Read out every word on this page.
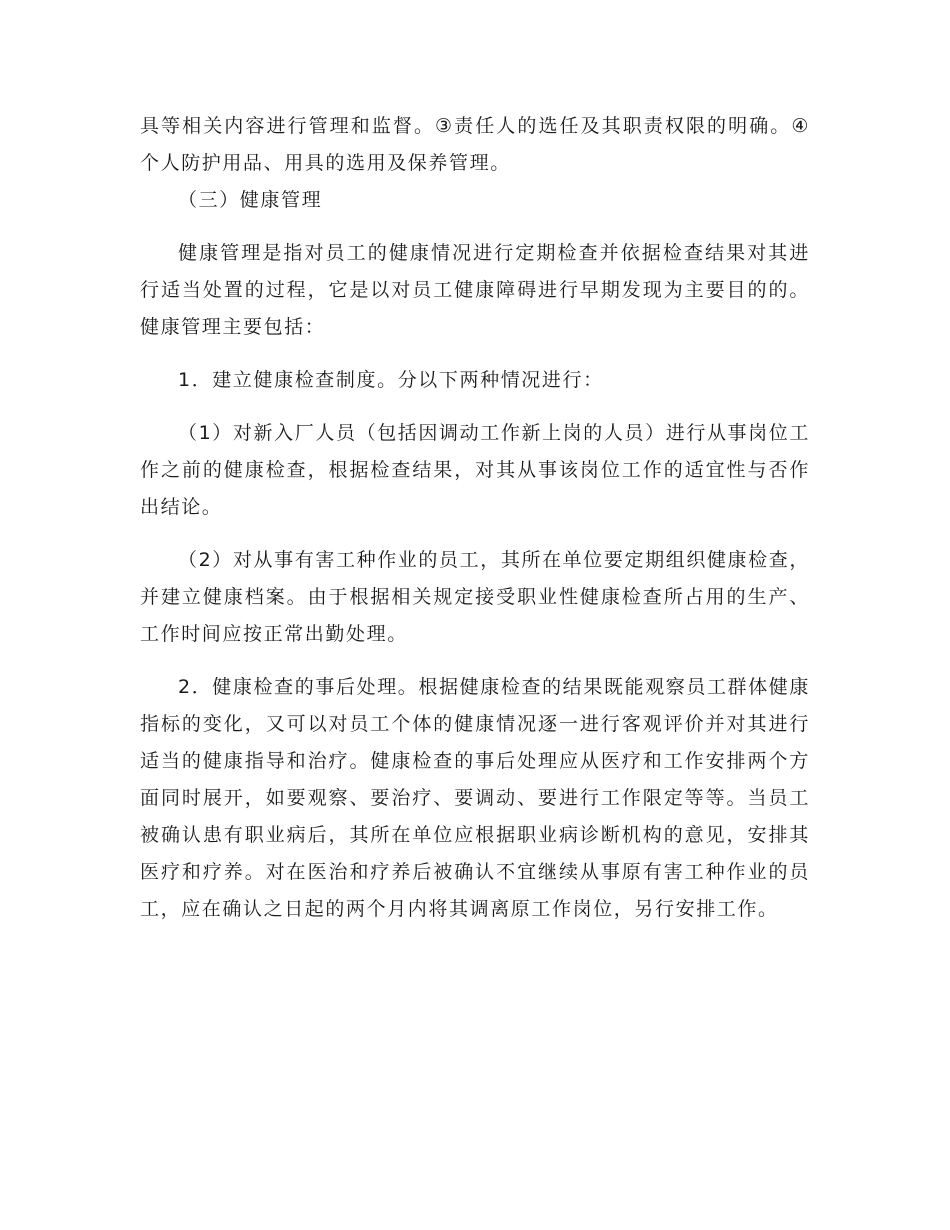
具等相关内容进行管理和监督。③责任人的选任及其职责权限的明确。④个人防护用品、用具的选用及保养管理。

（三）健康管理

健康管理是指对员工的健康情况进行定期检查并依据检查结果对其进行适当处置的过程，它是以对员工健康障碍进行早期发现为主要目的的。健康管理主要包括：

1．建立健康检查制度。分以下两种情况进行：

（1）对新入厂人员（包括因调动工作新上岗的人员）进行从事岗位工作之前的健康检查，根据检查结果，对其从事该岗位工作的适宜性与否作出结论。

（2）对从事有害工种作业的员工，其所在单位要定期组织健康检查，并建立健康档案。由于根据相关规定接受职业性健康检查所占用的生产、工作时间应按正常出勤处理。

2．健康检查的事后处理。根据健康检查的结果既能观察员工群体健康指标的变化，又可以对员工个体的健康情况逐一进行客观评价并对其进行适当的健康指导和治疗。健康检查的事后处理应从医疗和工作安排两个方面同时展开，如要观察、要治疗、要调动、要进行工作限定等等。当员工被确认患有职业病后，其所在单位应根据职业病诊断机构的意见，安排其医疗和疗养。对在医治和疗养后被确认不宜继续从事原有害工种作业的员工，应在确认之日起的两个月内将其调离原工作岗位，另行安排工作。
